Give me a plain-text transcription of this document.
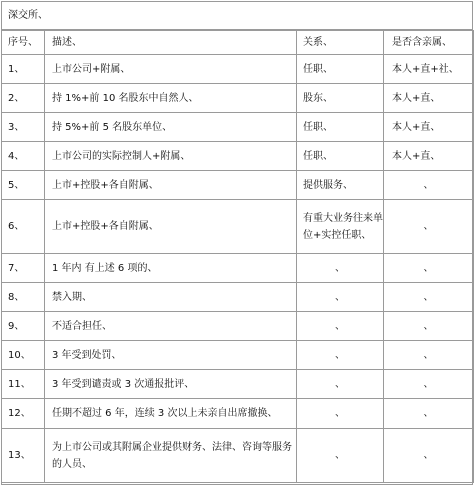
深交所、
序号、	描述、	关系、	是否含亲属、
1、	上市公司+附属、	任职、	本人+直+社、
2、	持 1%+前 10 名股东中自然人、	股东、	本人+直、
3、	持 5%+前 5 名股东单位、	任职、	本人+直、
4、	上市公司的实际控制人+附属、	任职、	本人+直、
5、	上市+控股+各自附属、	提供服务、	、
6、	上市+控股+各自附属、	有重大业务往来单位+实控任职、	、
7、	1 年内 有上述 6 项的、	、	、
8、	禁入期、	、	、
9、	不适合担任、	、	、
10、	3 年受到处罚、	、	、
11、	3 年受到谴责或 3 次通报批评、	、	、
12、	任期不超过 6 年，连续 3 次以上未亲自出席撤换、	、	、
13、	为上市公司或其附属企业提供财务、法律、咨询等服务的人员、	、	、
